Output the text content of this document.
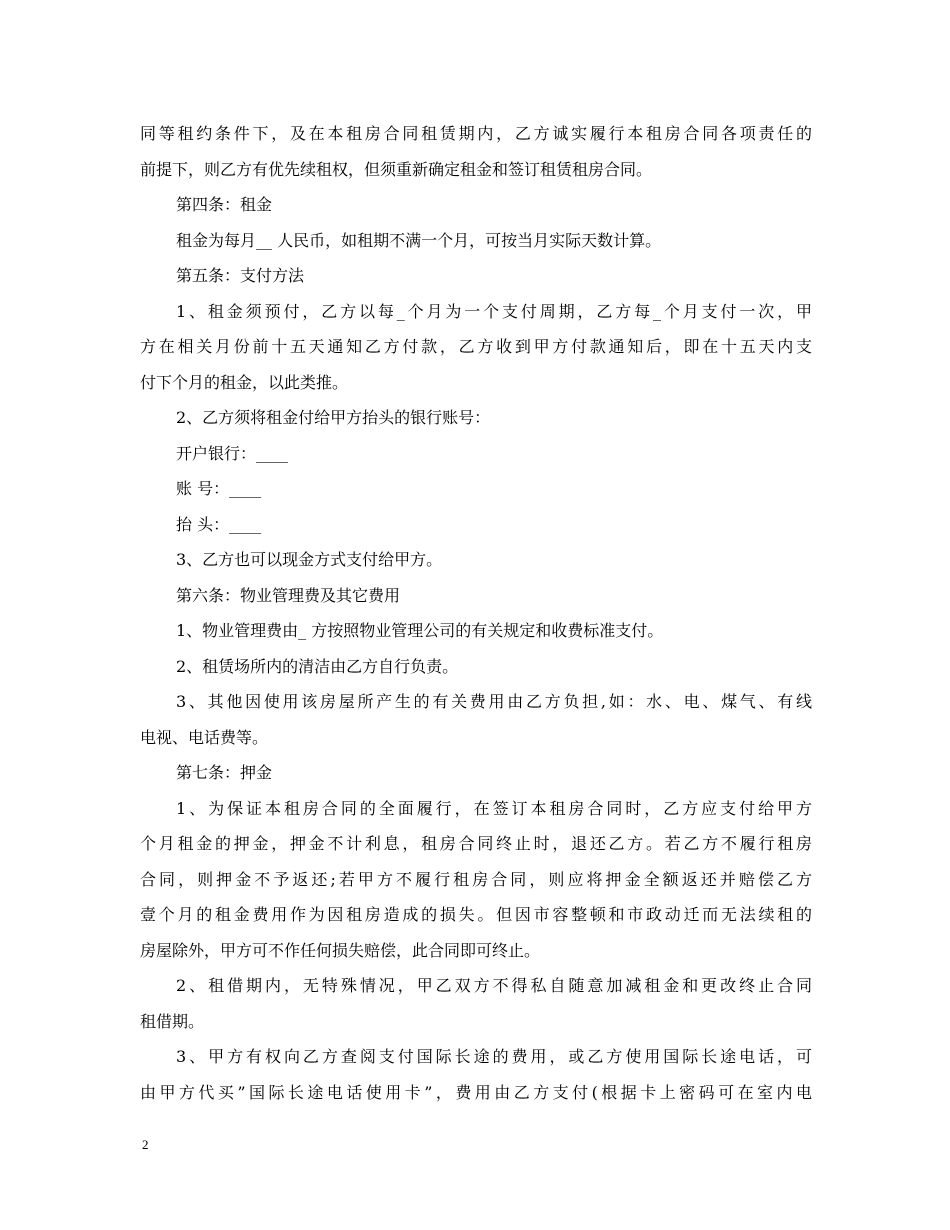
同等租约条件下，及在本租房合同租赁期内，乙方诚实履行本租房合同各项责任的
前提下，则乙方有优先续租权，但须重新确定租金和签订租赁租房合同。
第四条：租金
租金为每月__ 人民币，如租期不满一个月，可按当月实际天数计算。
第五条：支付方法
1、租金须预付，乙方以每_个月为一个支付周期，乙方每_个月支付一次，甲
方在相关月份前十五天通知乙方付款，乙方收到甲方付款通知后，即在十五天内支
付下个月的租金，以此类推。
2、乙方须将租金付给甲方抬头的银行账号：
开户银行：____
账 号：____
抬 头：____
3、乙方也可以现金方式支付给甲方。
第六条：物业管理费及其它费用
1、物业管理费由_ 方按照物业管理公司的有关规定和收费标准支付。
2、租赁场所内的清洁由乙方自行负责。
3、其他因使用该房屋所产生的有关费用由乙方负担,如：水、电、煤气、有线
电视、电话费等。
第七条：押金
1、为保证本租房合同的全面履行，在签订本租房合同时，乙方应支付给甲方
个月租金的押金，押金不计利息，租房合同终止时，退还乙方。若乙方不履行租房
合同，则押金不予返还;若甲方不履行租房合同，则应将押金全额返还并赔偿乙方
壹个月的租金费用作为因租房造成的损失。但因市容整顿和市政动迁而无法续租的
房屋除外，甲方可不作任何损失赔偿，此合同即可终止。
2、租借期内，无特殊情况，甲乙双方不得私自随意加减租金和更改终止合同
租借期。
3、甲方有权向乙方查阅支付国际长途的费用，或乙方使用国际长途电话，可
由甲方代买”国际长途电话使用卡”，费用由乙方支付(根据卡上密码可在室内电
2
